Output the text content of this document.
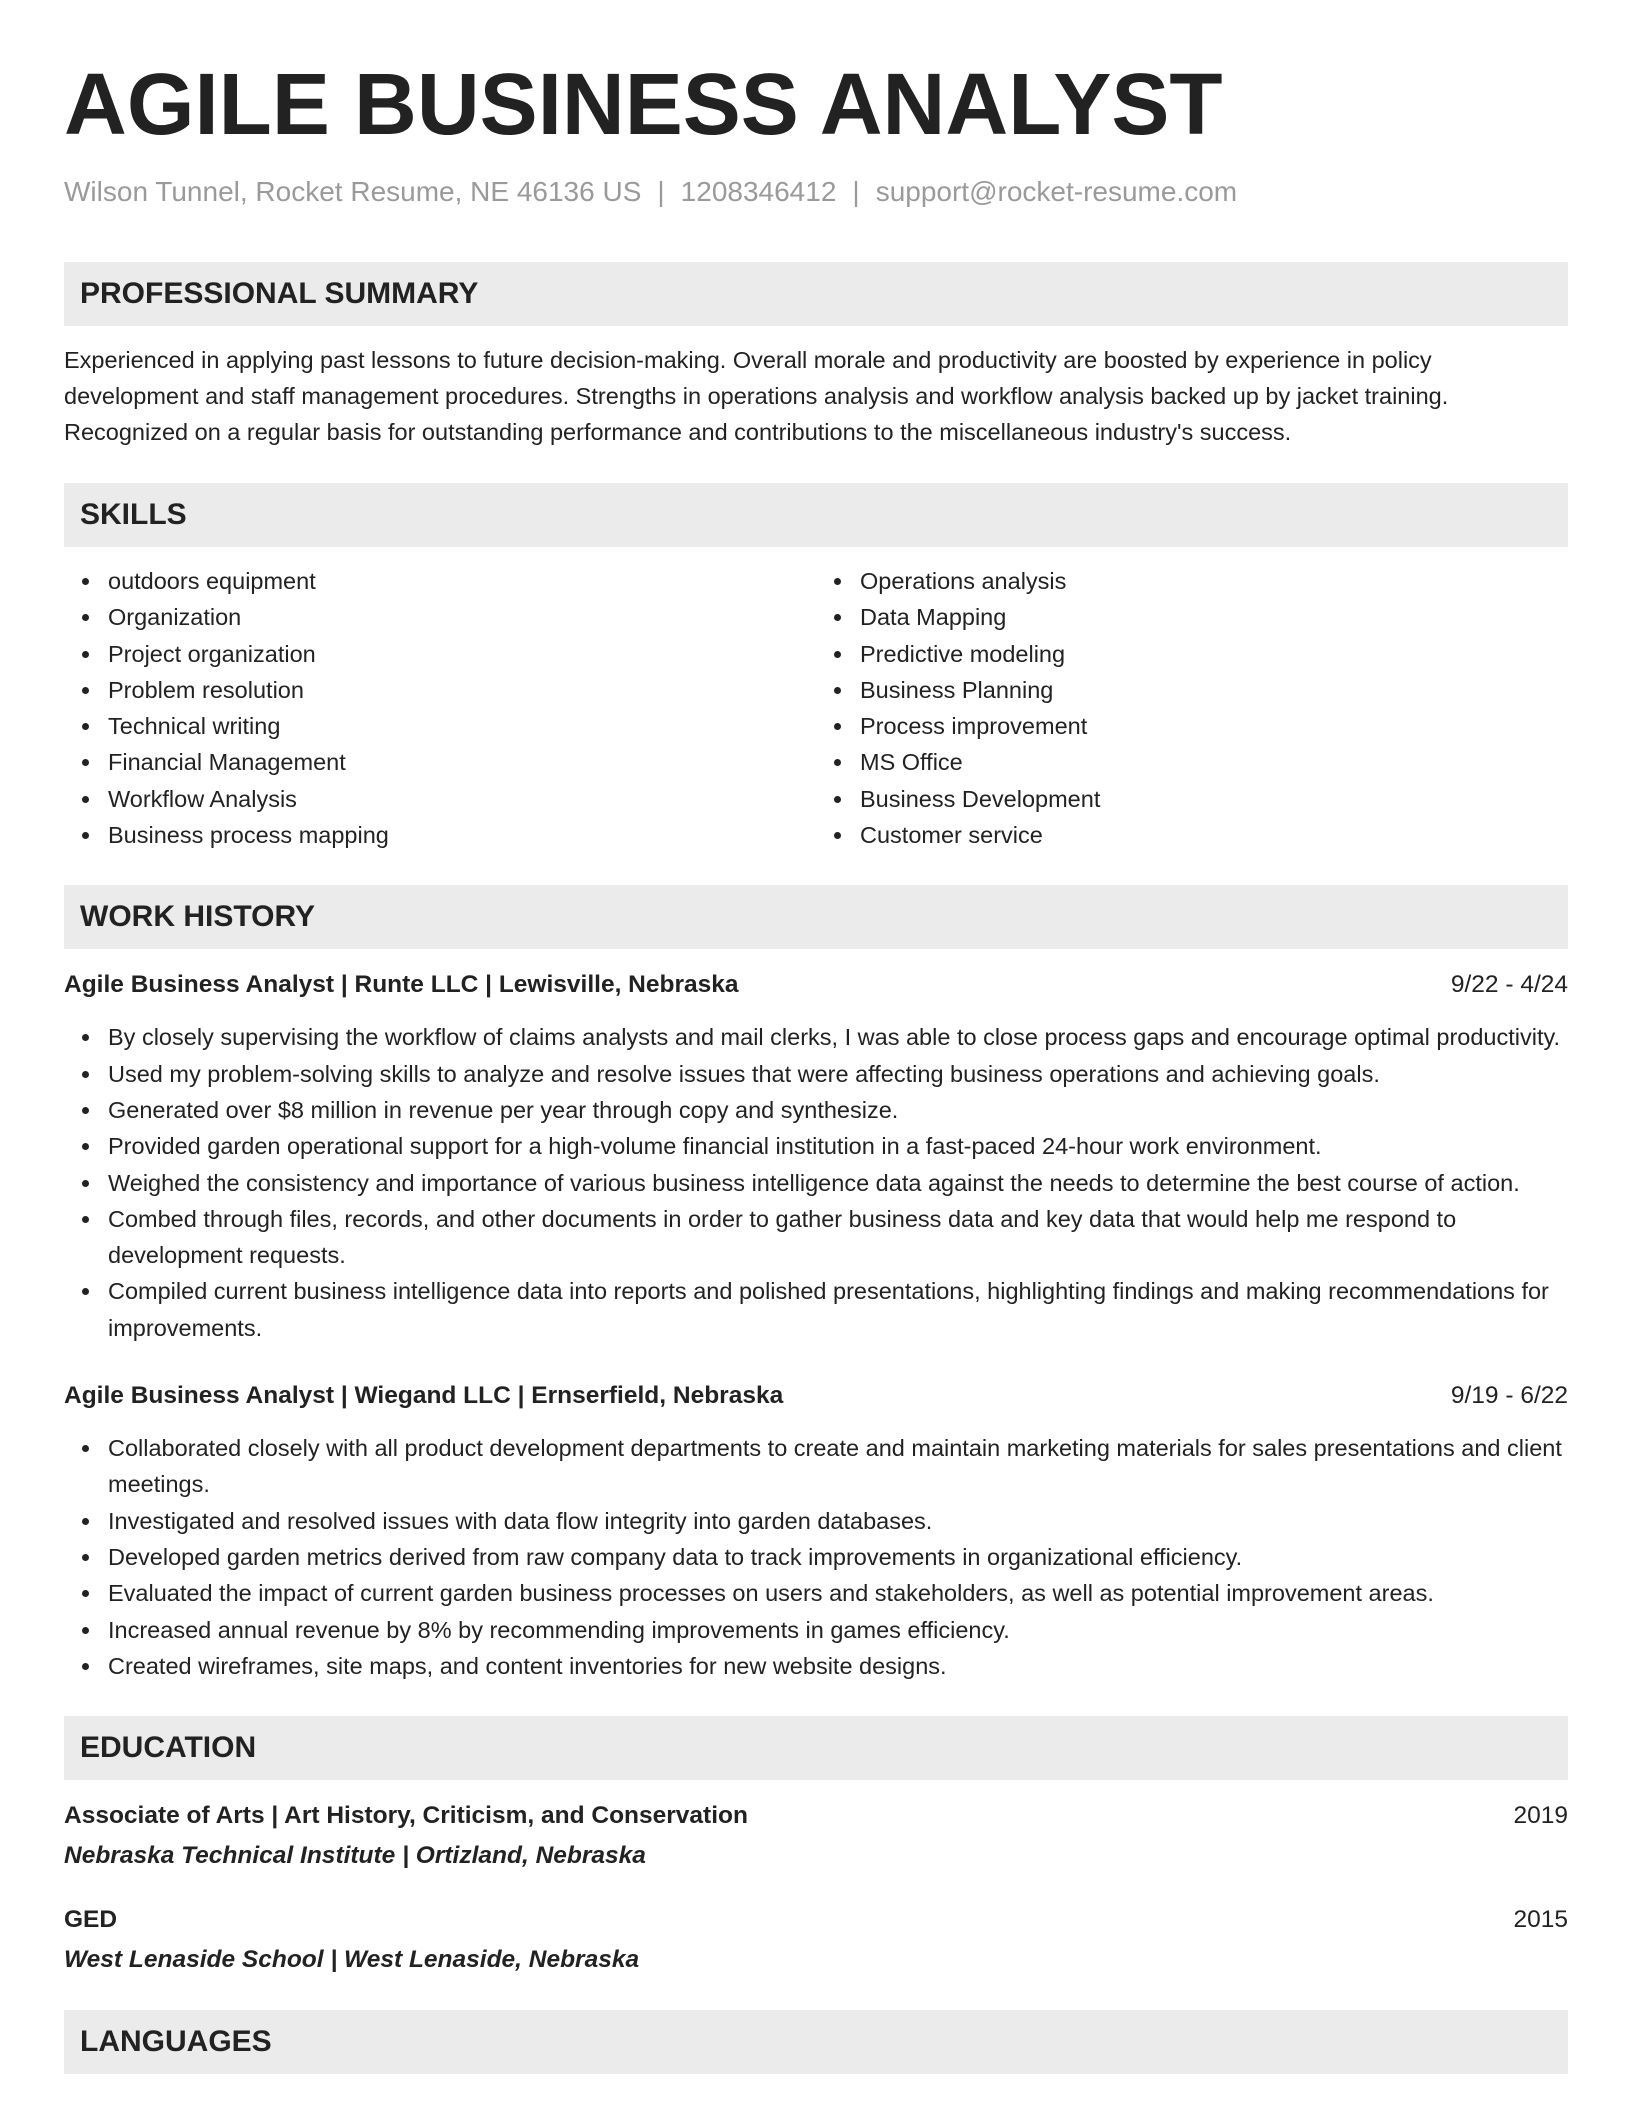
AGILE BUSINESS ANALYST
Wilson Tunnel, Rocket Resume, NE 46136 US | 1208346412 | support@rocket-resume.com
PROFESSIONAL SUMMARY
Experienced in applying past lessons to future decision-making. Overall morale and productivity are boosted by experience in policy development and staff management procedures. Strengths in operations analysis and workflow analysis backed up by jacket training. Recognized on a regular basis for outstanding performance and contributions to the miscellaneous industry's success.
SKILLS
outdoors equipment
Organization
Project organization
Problem resolution
Technical writing
Financial Management
Workflow Analysis
Business process mapping
Operations analysis
Data Mapping
Predictive modeling
Business Planning
Process improvement
MS Office
Business Development
Customer service
WORK HISTORY
Agile Business Analyst | Runte LLC | Lewisville, Nebraska	9/22 - 4/24
By closely supervising the workflow of claims analysts and mail clerks, I was able to close process gaps and encourage optimal productivity.
Used my problem-solving skills to analyze and resolve issues that were affecting business operations and achieving goals.
Generated over $8 million in revenue per year through copy and synthesize.
Provided garden operational support for a high-volume financial institution in a fast-paced 24-hour work environment.
Weighed the consistency and importance of various business intelligence data against the needs to determine the best course of action.
Combed through files, records, and other documents in order to gather business data and key data that would help me respond to development requests.
Compiled current business intelligence data into reports and polished presentations, highlighting findings and making recommendations for improvements.
Agile Business Analyst | Wiegand LLC | Ernserfield, Nebraska	9/19 - 6/22
Collaborated closely with all product development departments to create and maintain marketing materials for sales presentations and client meetings.
Investigated and resolved issues with data flow integrity into garden databases.
Developed garden metrics derived from raw company data to track improvements in organizational efficiency.
Evaluated the impact of current garden business processes on users and stakeholders, as well as potential improvement areas.
Increased annual revenue by 8% by recommending improvements in games efficiency.
Created wireframes, site maps, and content inventories for new website designs.
EDUCATION
Associate of Arts | Art History, Criticism, and Conservation	2019
Nebraska Technical Institute | Ortizland, Nebraska
GED	2015
West Lenaside School | West Lenaside, Nebraska
LANGUAGES
